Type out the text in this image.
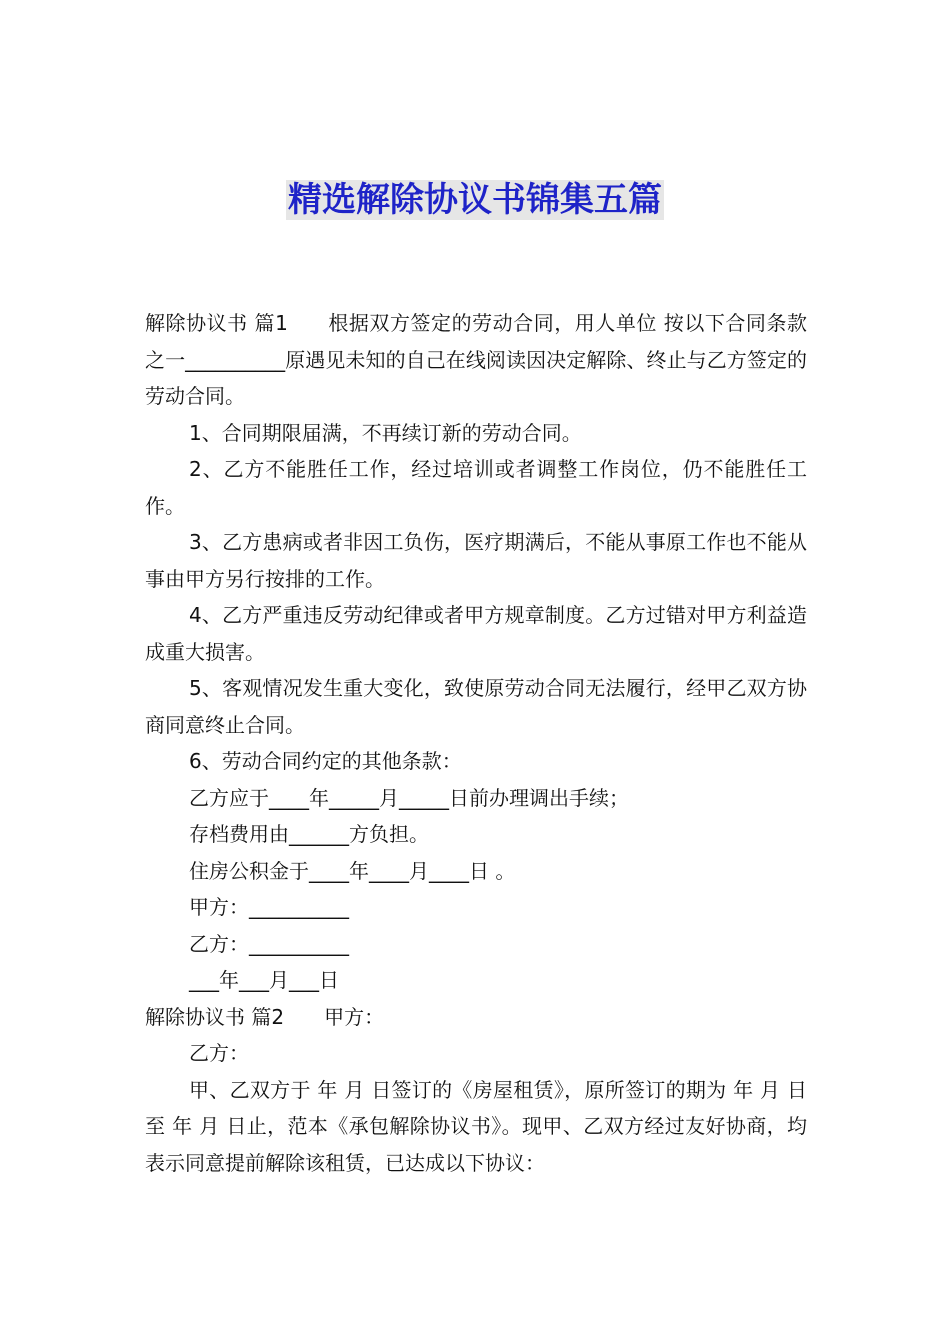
精选解除协议书锦集五篇

解除协议书 篇1 根据双方签定的劳动合同，用人单位 按以下合同条款之一__________原遇见未知的自己在线阅读因决定解除、终止与乙方签定的劳动合同。

1、合同期限届满，不再续订新的劳动合同。

2、乙方不能胜任工作，经过培训或者调整工作岗位，仍不能胜任工作。

3、乙方患病或者非因工负伤，医疗期满后，不能从事原工作也不能从事由甲方另行按排的工作。

4、乙方严重违反劳动纪律或者甲方规章制度。乙方过错对甲方利益造成重大损害。

5、客观情况发生重大变化，致使原劳动合同无法履行，经甲乙双方协商同意终止合同。

6、劳动合同约定的其他条款：

乙方应于____年_____月_____日前办理调出手续；

存档费用由______方负担。

住房公积金于____年____月____日 。

甲方：__________

乙方：__________

___年___月___日

解除协议书 篇2 甲方：

乙方：

甲、乙双方于 年 月 日签订的《房屋租赁》，原所签订的期为 年 月 日至 年 月 日止，范本《承包解除协议书》。现甲、乙双方经过友好协商，均表示同意提前解除该租赁，已达成以下协议：
